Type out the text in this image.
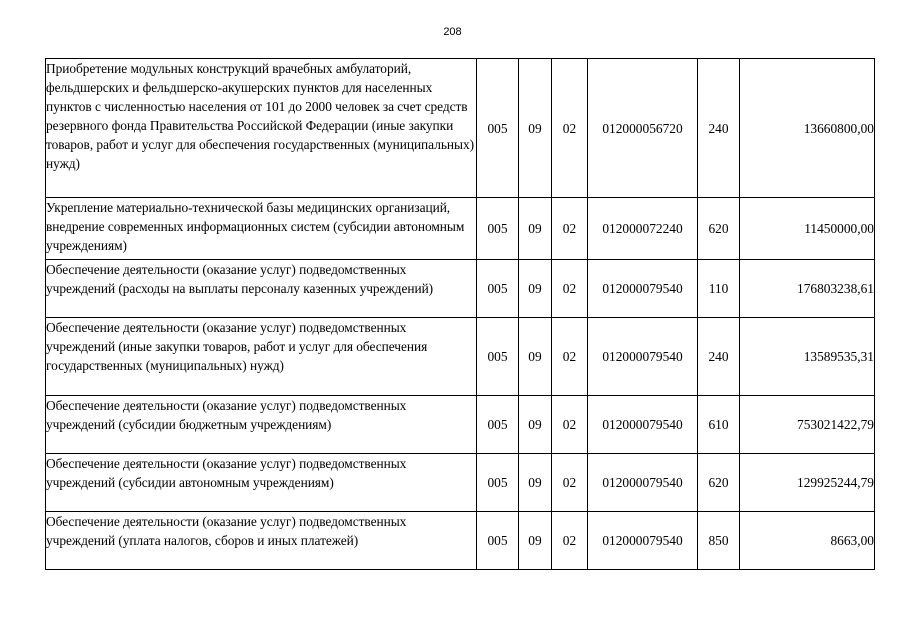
208
Приобретение модульных конструкций врачебных амбулаторий, фельдшерских и фельдшерско-акушерских пунктов для населенных пунктов с численностью населения от 101 до 2000 человек за счет средств резервного фонда Правительства Российской Федерации (иные закупки товаров, работ и услуг для обеспечения государственных (муниципальных) нужд)	005	09	02	012000056720	240	13660800,00
Укрепление материально-технической базы медицинских организаций, внедрение современных информационных систем (субсидии автономным учреждениям)	005	09	02	012000072240	620	11450000,00
Обеспечение деятельности (оказание услуг) подведомственных учреждений (расходы на выплаты персоналу казенных учреждений)	005	09	02	012000079540	110	176803238,61
Обеспечение деятельности (оказание услуг) подведомственных учреждений (иные закупки товаров, работ и услуг для обеспечения государственных (муниципальных) нужд)	005	09	02	012000079540	240	13589535,31
Обеспечение деятельности (оказание услуг) подведомственных учреждений (субсидии бюджетным учреждениям)	005	09	02	012000079540	610	753021422,79
Обеспечение деятельности (оказание услуг) подведомственных учреждений (субсидии автономным учреждениям)	005	09	02	012000079540	620	129925244,79
Обеспечение деятельности (оказание услуг) подведомственных учреждений (уплата налогов, сборов и иных платежей)	005	09	02	012000079540	850	8663,00
